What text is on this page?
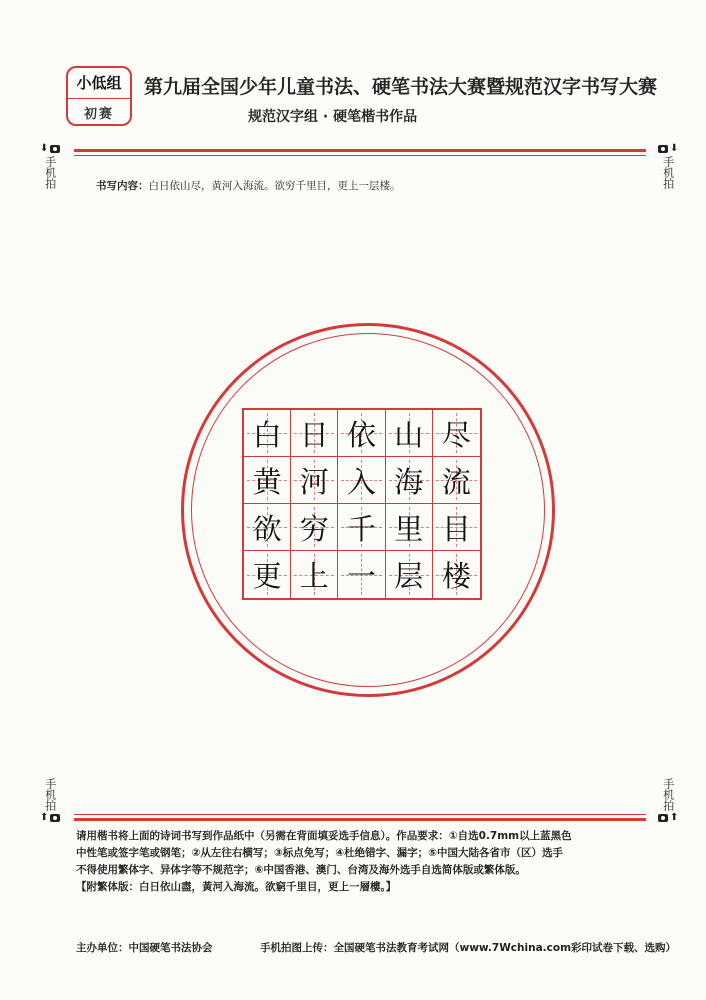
小低组
初赛
第九届全国少年儿童书法、硬笔书法大赛暨规范汉字书写大赛
规范汉字组 · 硬笔楷书作品
⬇
手机拍
⬇
手机拍
书写内容：白日依山尽，黄河入海流。欲穷千里目，更上一层楼。
白 日 依 山 尽
黄 河 入 海 流
欲 穷 千 里 目
更 上 一 层 楼
手机拍
⬆
手机拍
⬆

请用楷书将上面的诗词书写到作品纸中（另需在背面填妥选手信息）。作品要求：①自选0.7mm以上蓝黑色

中性笔或签字笔或钢笔；②从左往右横写；③标点免写；④杜绝错字、漏字；⑤中国大陆各省市（区）选手

不得使用繁体字、异体字等不规范字；⑥中国香港、澳门、台湾及海外选手自选简体版或繁体版。

【附繁体版：白日依山盡，黃河入海流。欲窮千里目，更上一層樓。】

主办单位：中国硬笔书法协会	手机拍图上传：全国硬笔书法教育考试网（www.7Wchina.com彩印试卷下载、选购）
